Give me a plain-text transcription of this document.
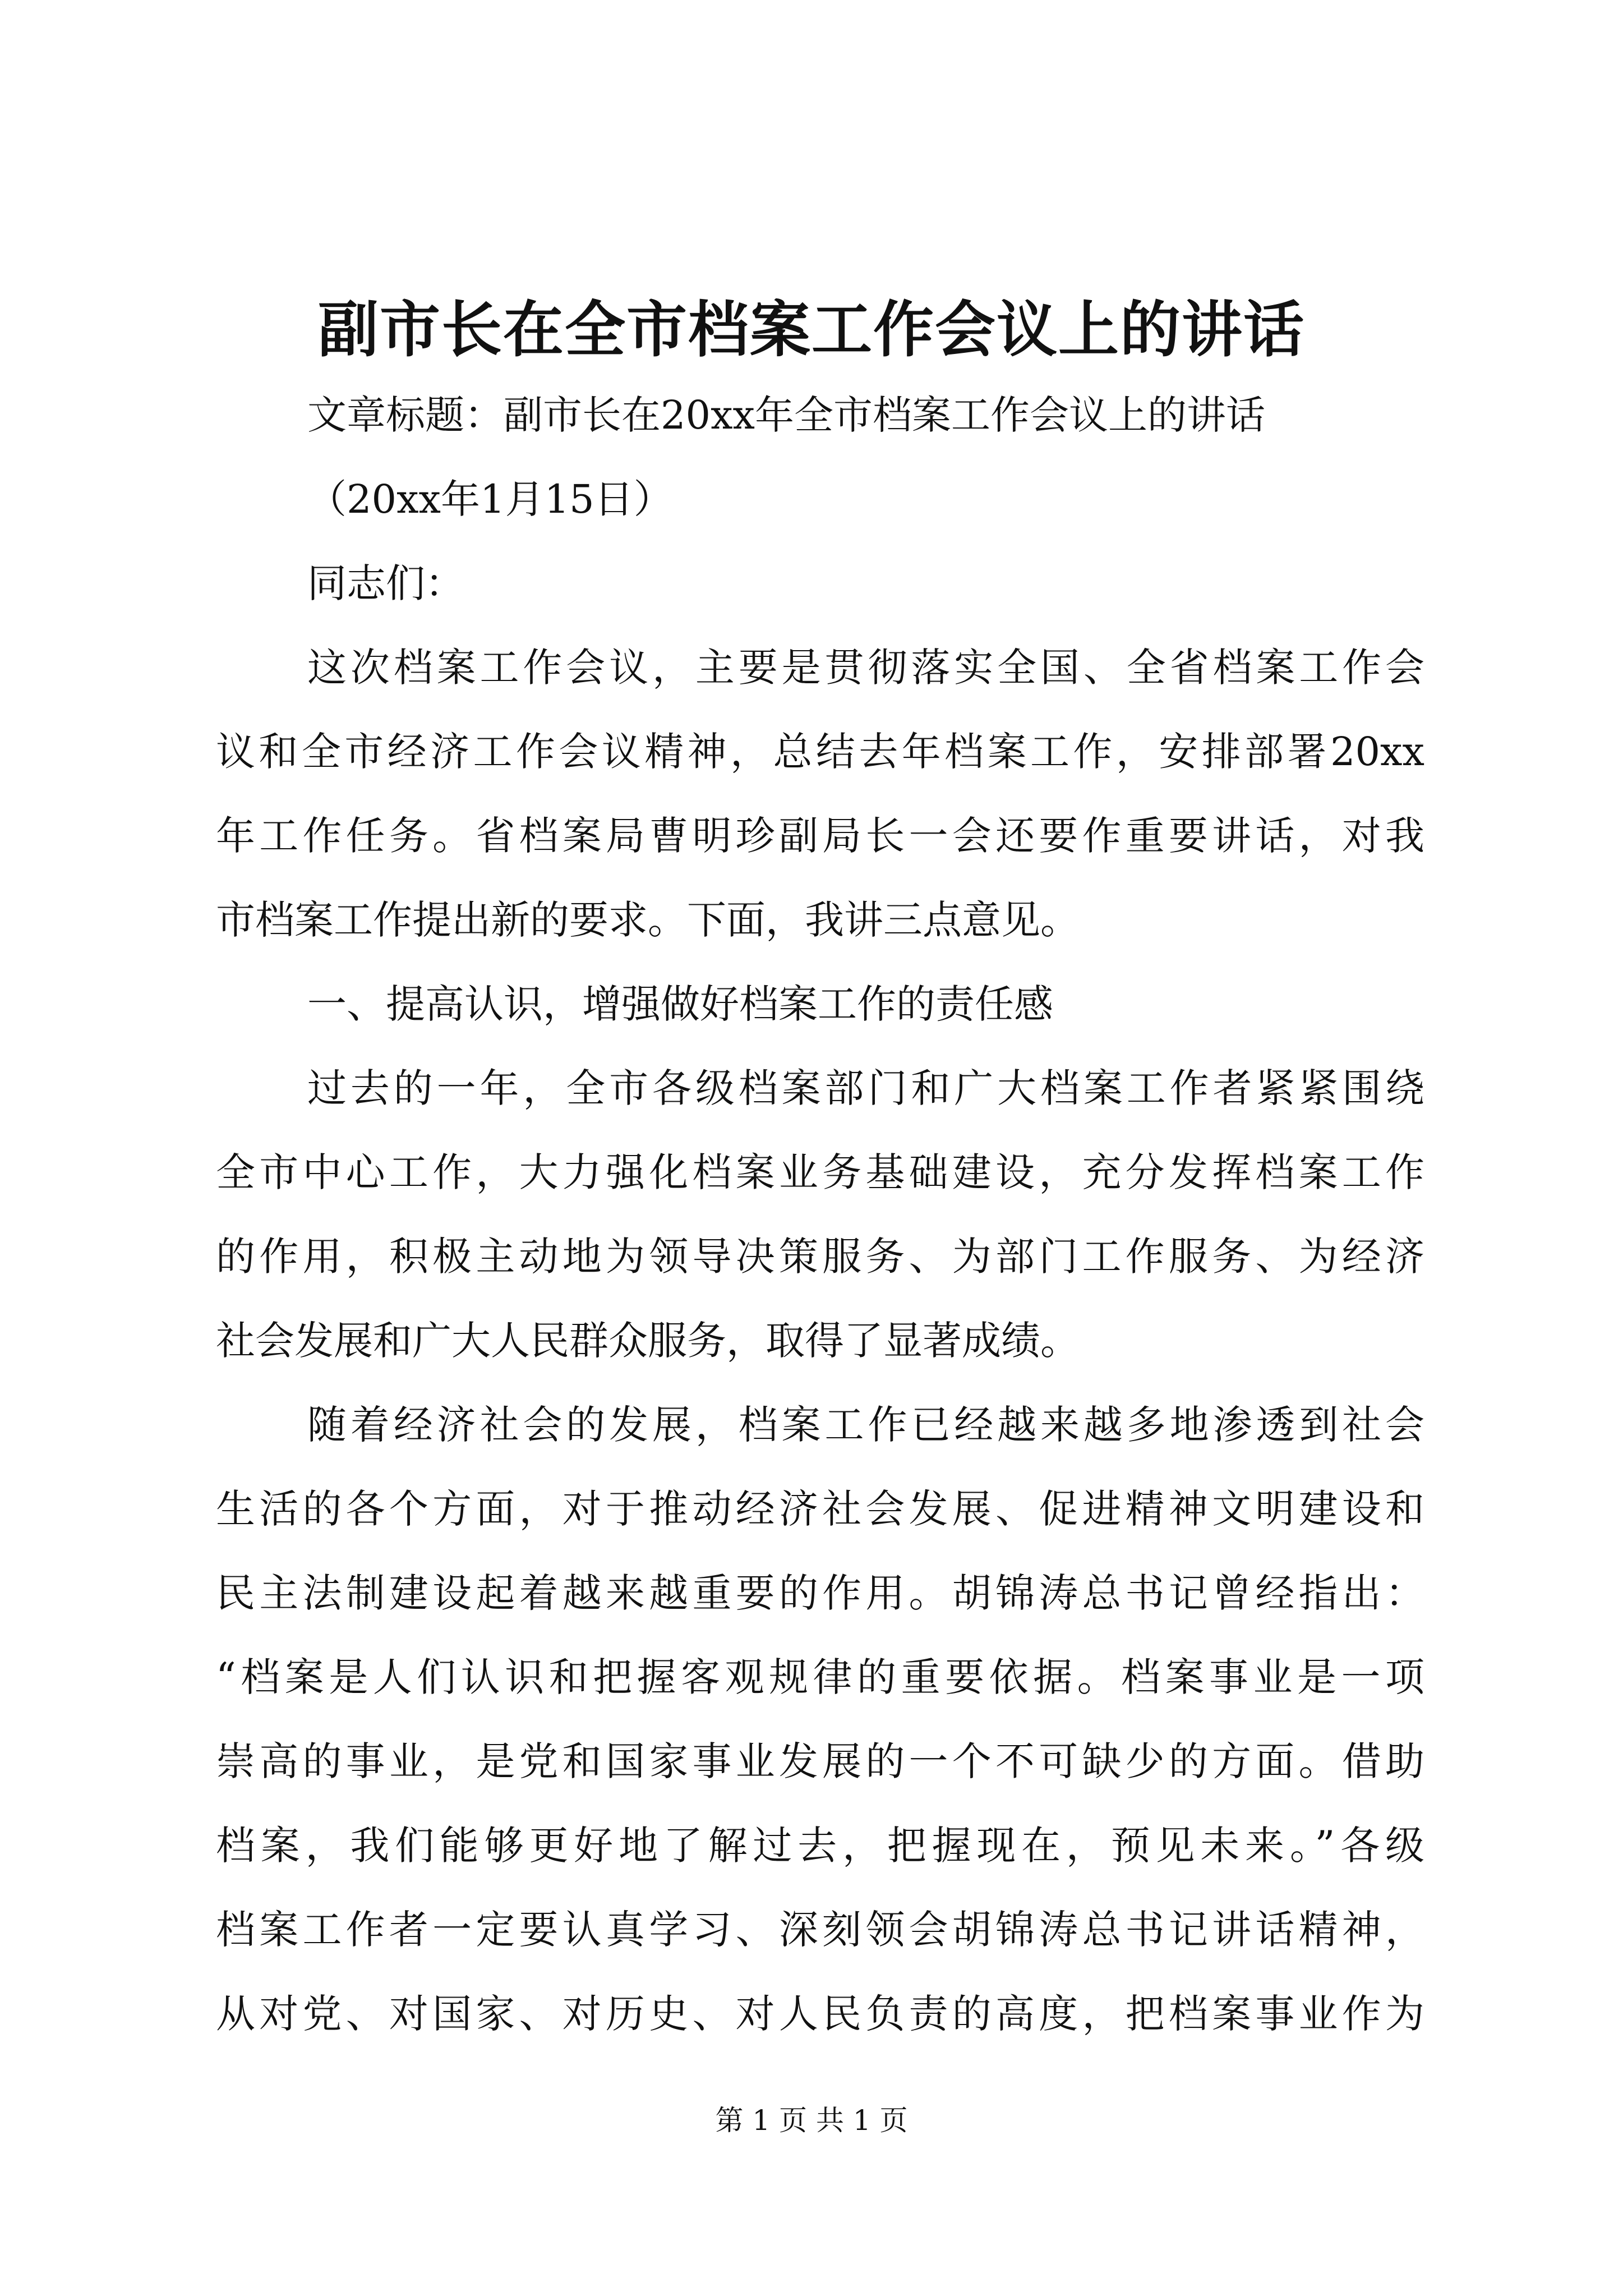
副市长在全市档案工作会议上的讲话
文章标题：副市长在20xx年全市档案工作会议上的讲话
（20xx年1月15日）
同志们：
这次档案工作会议，主要是贯彻落实全国、全省档案工作会
议和全市经济工作会议精神，总结去年档案工作，安排部署20xx
年工作任务。省档案局曹明珍副局长一会还要作重要讲话，对我
市档案工作提出新的要求。下面，我讲三点意见。
一、提高认识，增强做好档案工作的责任感
过去的一年，全市各级档案部门和广大档案工作者紧紧围绕
全市中心工作，大力强化档案业务基础建设，充分发挥档案工作
的作用，积极主动地为领导决策服务、为部门工作服务、为经济
社会发展和广大人民群众服务，取得了显著成绩。
随着经济社会的发展，档案工作已经越来越多地渗透到社会
生活的各个方面，对于推动经济社会发展、促进精神文明建设和
民主法制建设起着越来越重要的作用。胡锦涛总书记曾经指出：
“档案是人们认识和把握客观规律的重要依据。档案事业是一项
崇高的事业，是党和国家事业发展的一个不可缺少的方面。借助
档案，我们能够更好地了解过去，把握现在，预见未来。”各级
档案工作者一定要认真学习、深刻领会胡锦涛总书记讲话精神，
从对党、对国家、对历史、对人民负责的高度，把档案事业作为
第 1 页 共 1 页
